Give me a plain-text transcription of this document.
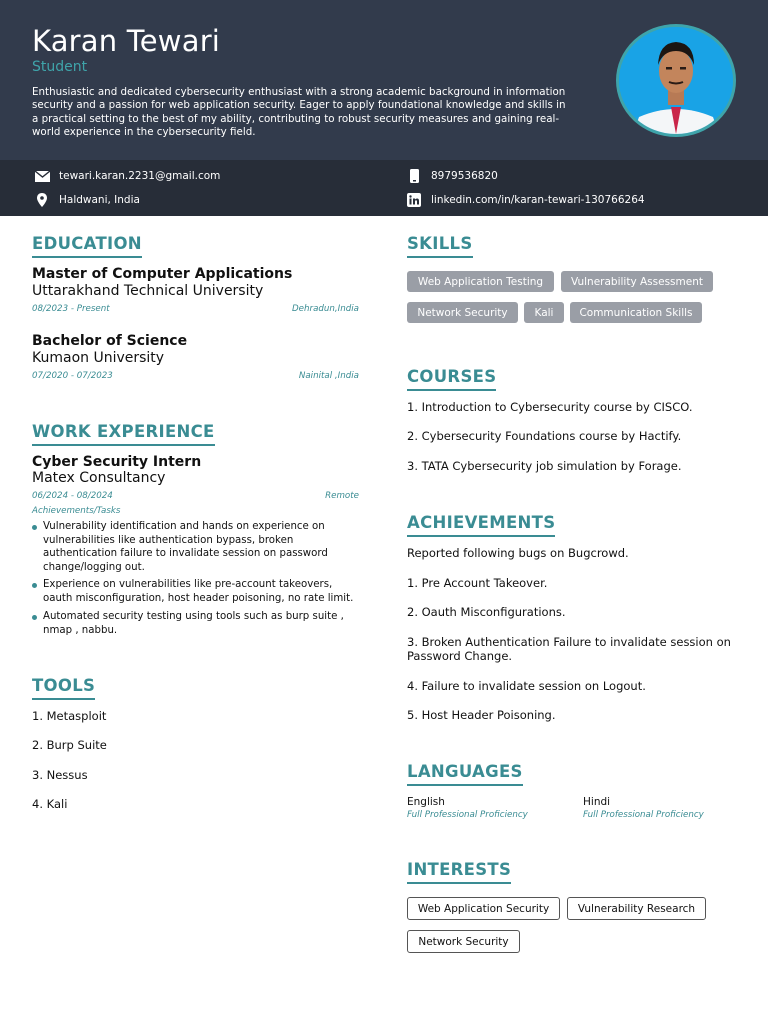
Karan Tewari
Student
Enthusiastic and dedicated cybersecurity enthusiast with a strong academic background in information security and a passion for web application security. Eager to apply foundational knowledge and skills in a practical setting to the best of my ability, contributing to robust security measures and gaining real-world experience in the cybersecurity field.
tewari.karan.2231@gmail.com	8979536820
Haldwani, India	linkedin.com/in/karan-tewari-130766264
EDUCATION
Master of Computer Applications
Uttarakhand Technical University
08/2023 - Present	Dehradun,India
Bachelor of Science
Kumaon University
07/2020 - 07/2023	Nainital ,India
WORK EXPERIENCE
Cyber Security Intern
Matex Consultancy
06/2024 - 08/2024	Remote
Achievements/Tasks
Vulnerability identification and hands on experience on vulnerabilities like authentication bypass, broken authentication failure to invalidate session on password change/logging out.
Experience on vulnerabilities like pre-account takeovers, oauth misconfiguration, host header poisoning, no rate limit.
Automated security testing using tools such as burp suite , nmap , nabbu.
TOOLS
1. Metasploit
2. Burp Suite
3. Nessus
4. Kali
SKILLS
Web Application Testing	Vulnerability Assessment
Network Security	Kali	Communication Skills
COURSES
1. Introduction to Cybersecurity course by CISCO.
2. Cybersecurity Foundations course by Hactify.
3. TATA Cybersecurity job simulation by Forage.
ACHIEVEMENTS
Reported following bugs on Bugcrowd.
1. Pre Account Takeover.
2. Oauth Misconfigurations.
3. Broken Authentication Failure to invalidate session on Password Change.
4. Failure to invalidate session on Logout.
5. Host Header Poisoning.
LANGUAGES
English
Full Professional Proficiency
Hindi
Full Professional Proficiency
INTERESTS
Web Application Security	Vulnerability Research
Network Security
